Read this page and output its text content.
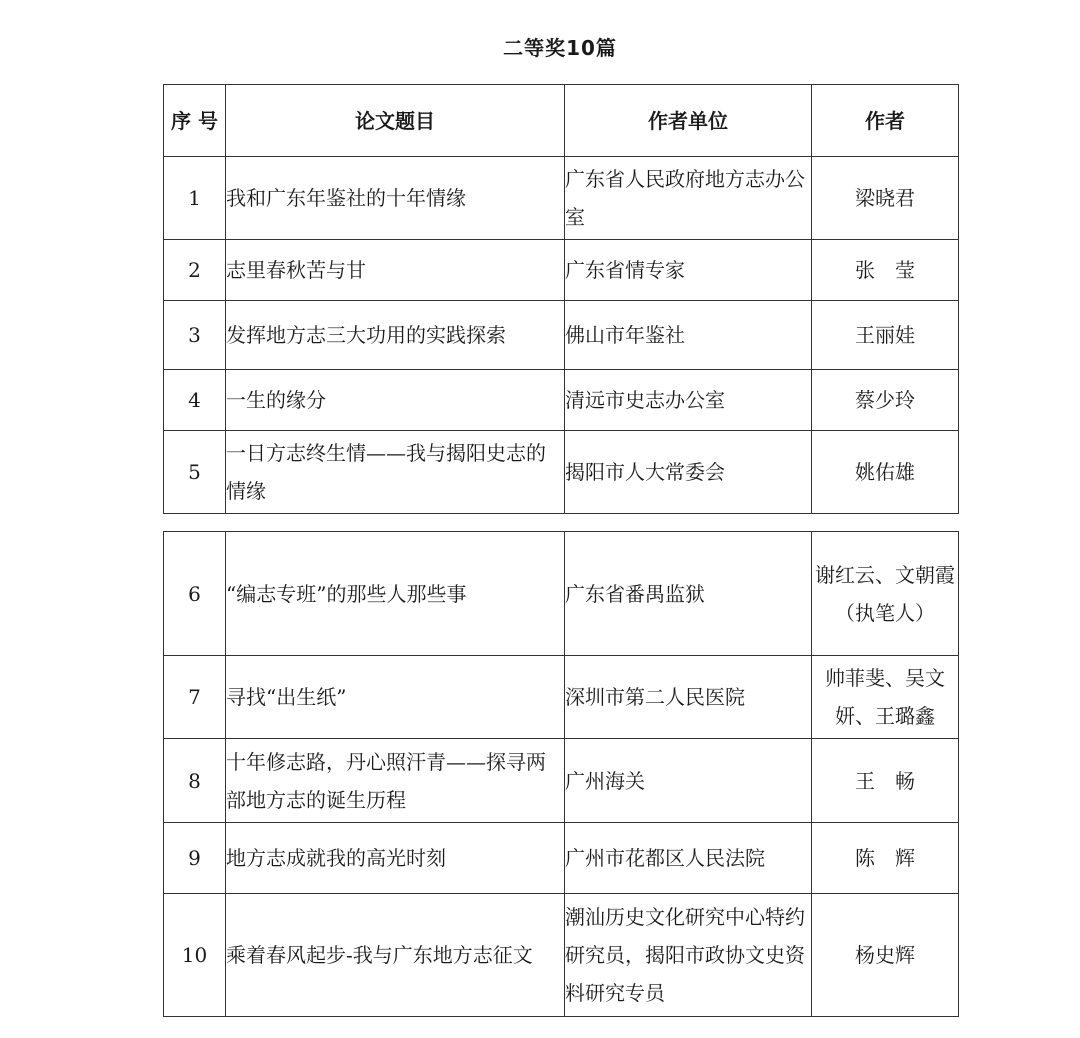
二等奖10篇
序 号	论文题目	作者单位	作者
1	我和广东年鉴社的十年情缘	广东省人民政府地方志办公室	梁晓君
2	志里春秋苦与甘	广东省情专家	张　莹
3	发挥地方志三大功用的实践探索	佛山市年鉴社	王丽娃
4	一生的缘分	清远市史志办公室	蔡少玲
5	一日方志终生情——我与揭阳史志的情缘	揭阳市人大常委会	姚佑雄
6	“编志专班”的那些人那些事	广东省番禺监狱	谢红云、文朝霞（执笔人）
7	寻找“出生纸”	深圳市第二人民医院	帅菲斐、吴文妍、王璐鑫
8	十年修志路，丹心照汗青——探寻两部地方志的诞生历程	广州海关	王　畅
9	地方志成就我的高光时刻	广州市花都区人民法院	陈　辉
10	乘着春风起步-我与广东地方志征文	潮汕历史文化研究中心特约研究员，揭阳市政协文史资料研究专员	杨史辉
